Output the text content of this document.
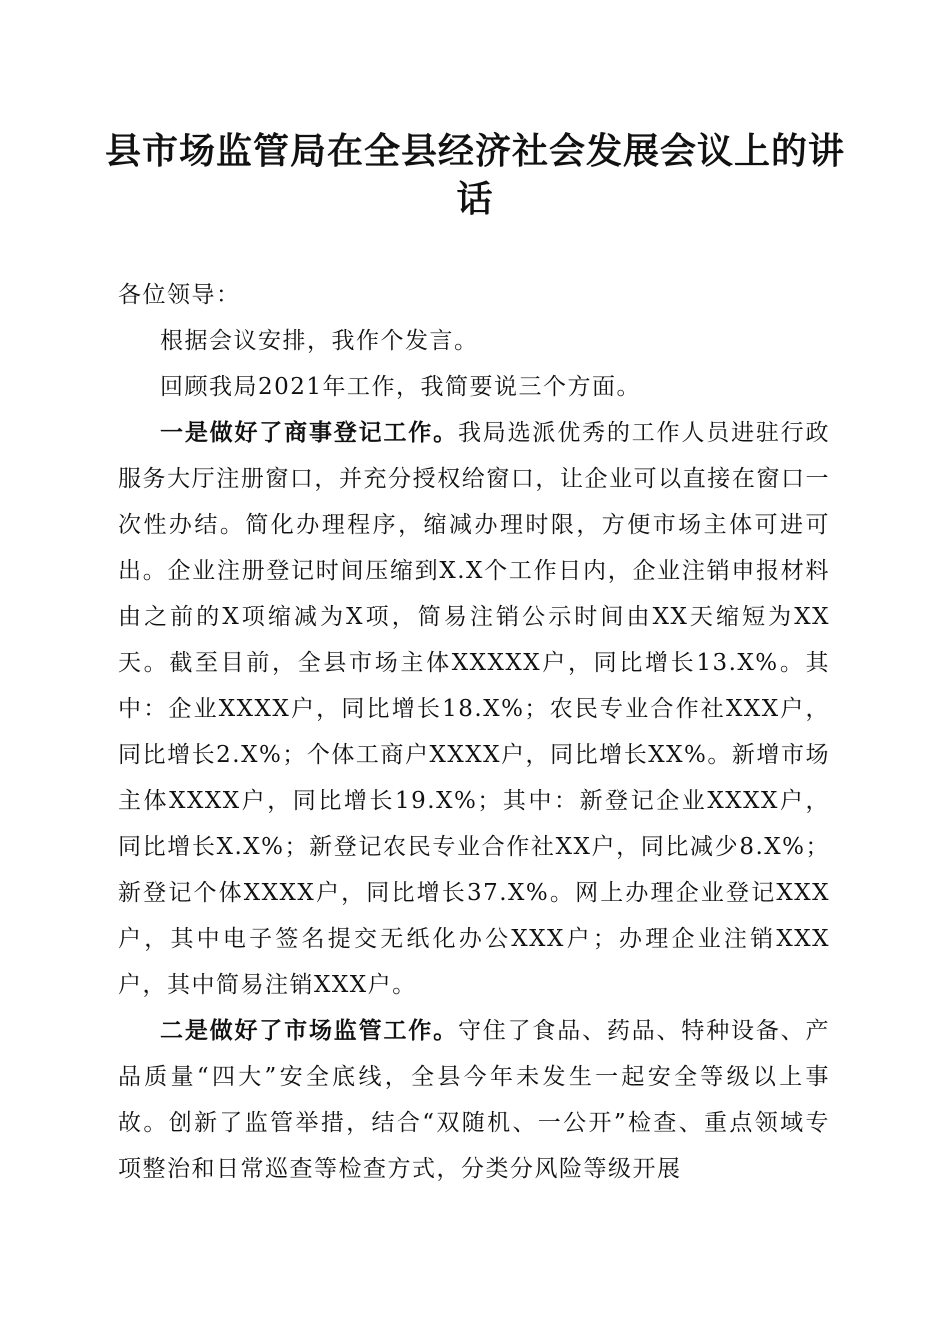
县市场监管局在全县经济社会发展会议上的讲话

各位领导：

根据会议安排，我作个发言。

回顾我局2021年工作，我简要说三个方面。

一是做好了商事登记工作。我局选派优秀的工作人员进驻行政服务大厅注册窗口，并充分授权给窗口，让企业可以直接在窗口一次性办结。简化办理程序，缩减办理时限，方便市场主体可进可出。企业注册登记时间压缩到X.X个工作日内，企业注销申报材料由之前的X项缩减为X项，简易注销公示时间由XX天缩短为XX天。截至目前，全县市场主体XXXXX户，同比增长13.X%。其中：企业XXXX户，同比增长18.X%；农民专业合作社XXX户，同比增长2.X%；个体工商户XXXX户，同比增长XX%。新增市场主体XXXX户，同比增长19.X%；其中：新登记企业XXXX户，同比增长X.X%；新登记农民专业合作社XX户，同比减少8.X%；新登记个体XXXX户，同比增长37.X%。网上办理企业登记XXX户，其中电子签名提交无纸化办公XXX户；办理企业注销XXX户，其中简易注销XXX户。

二是做好了市场监管工作。守住了食品、药品、特种设备、产品质量“四大”安全底线，全县今年未发生一起安全等级以上事故。创新了监管举措，结合“双随机、一公开”检查、重点领域专项整治和日常巡查等检查方式，分类分风险等级开展
